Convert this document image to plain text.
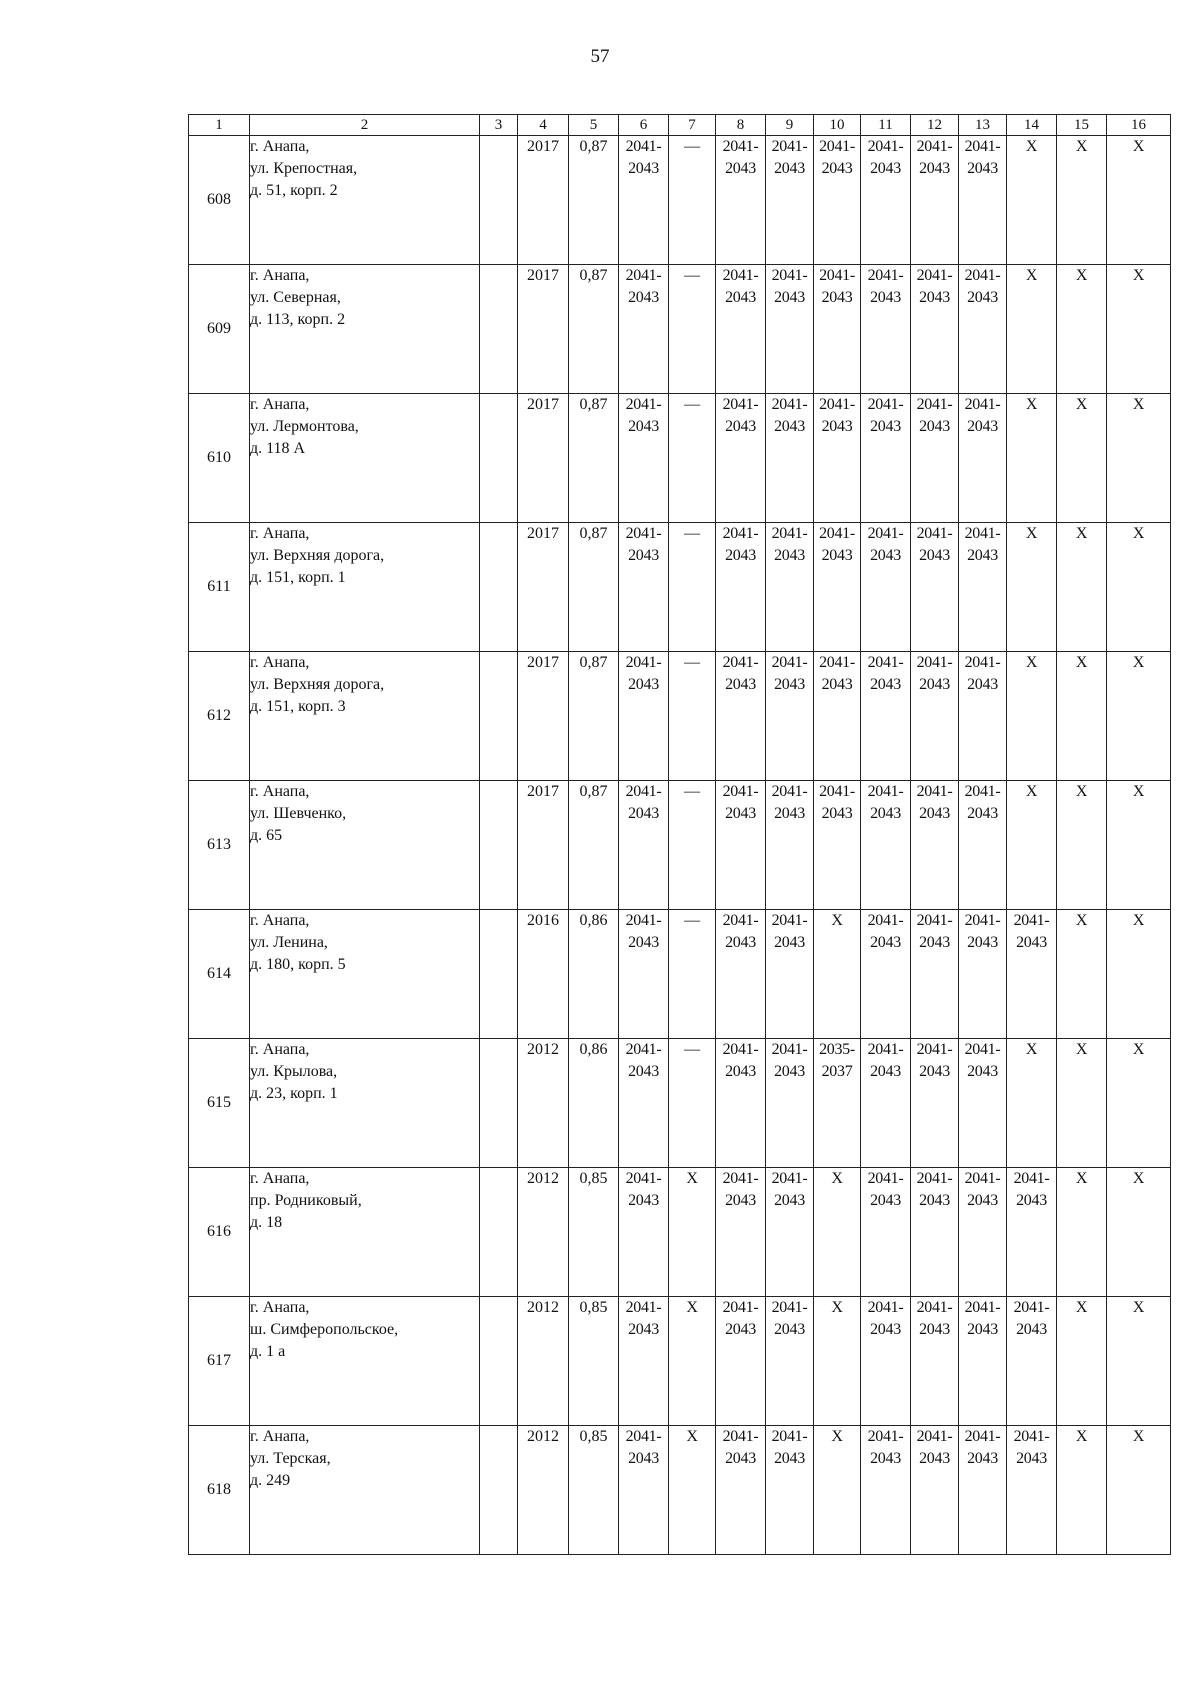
57
1	2	3	4	5	6	7	8	9	10	11	12	13	14	15	16
608	г. Анапа,
ул. Крепостная,
д. 51, корп. 2		2017	0,87	2041-
2043	—	2041-
2043	2041-
2043	2041-
2043	2041-
2043	2041-
2043	2041-
2043	Х	Х	Х

609	г. Анапа,
ул. Северная,
д. 113, корп. 2		2017	0,87	2041-
2043	—	2041-
2043	2041-
2043	2041-
2043	2041-
2043	2041-
2043	2041-
2043	Х	Х	Х

610	г. Анапа,
ул. Лермонтова,
д. 118 А		2017	0,87	2041-
2043	—	2041-
2043	2041-
2043	2041-
2043	2041-
2043	2041-
2043	2041-
2043	Х	Х	Х

611	г. Анапа,
ул. Верхняя дорога,
д. 151, корп. 1		2017	0,87	2041-
2043	—	2041-
2043	2041-
2043	2041-
2043	2041-
2043	2041-
2043	2041-
2043	Х	Х	Х

612	г. Анапа,
ул. Верхняя дорога,
д. 151, корп. 3		2017	0,87	2041-
2043	—	2041-
2043	2041-
2043	2041-
2043	2041-
2043	2041-
2043	2041-
2043	Х	Х	Х

613	г. Анапа,
ул. Шевченко,
д. 65		2017	0,87	2041-
2043	—	2041-
2043	2041-
2043	2041-
2043	2041-
2043	2041-
2043	2041-
2043	Х	Х	Х

614	г. Анапа,
ул. Ленина,
д. 180, корп. 5		2016	0,86	2041-
2043	—	2041-
2043	2041-
2043	Х	2041-
2043	2041-
2043	2041-
2043	2041-
2043	Х	Х

615	г. Анапа,
ул. Крылова,
д. 23, корп. 1		2012	0,86	2041-
2043	—	2041-
2043	2041-
2043	2035-
2037	2041-
2043	2041-
2043	2041-
2043	Х	Х	Х

616	г. Анапа,
пр. Родниковый,
д. 18		2012	0,85	2041-
2043	Х	2041-
2043	2041-
2043	Х	2041-
2043	2041-
2043	2041-
2043	2041-
2043	Х	Х

617	г. Анапа,
ш. Симферопольское,
д. 1 а		2012	0,85	2041-
2043	Х	2041-
2043	2041-
2043	Х	2041-
2043	2041-
2043	2041-
2043	2041-
2043	Х	Х

618	г. Анапа,
ул. Терская,
д. 249		2012	0,85	2041-
2043	Х	2041-
2043	2041-
2043	Х	2041-
2043	2041-
2043	2041-
2043	2041-
2043	Х	Х
